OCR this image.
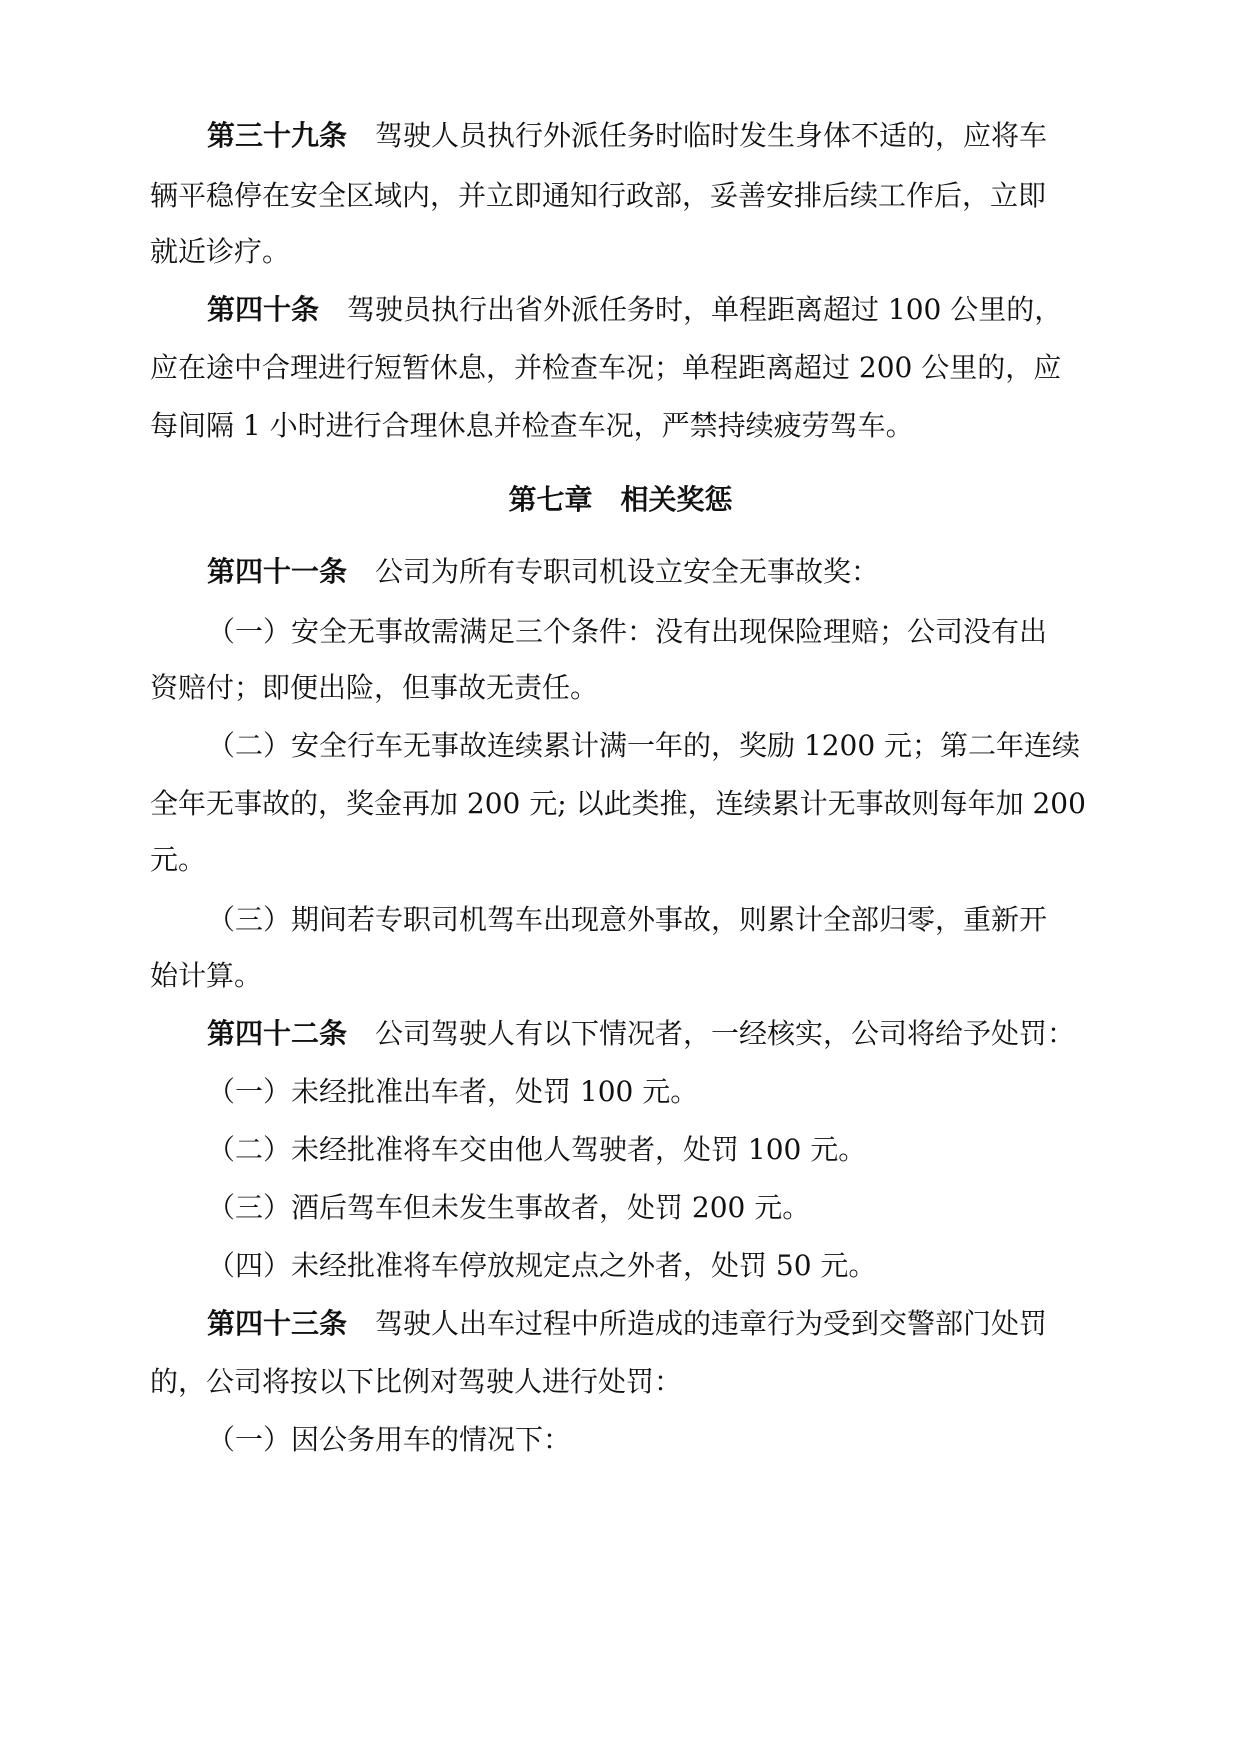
第三十九条 驾驶人员执行外派任务时临时发生身体不适的，应将车
辆平稳停在安全区域内，并立即通知行政部，妥善安排后续工作后，立即
就近诊疗。
第四十条 驾驶员执行出省外派任务时，单程距离超过 100 公里的，
应在途中合理进行短暂休息，并检查车况；单程距离超过 200 公里的，应
每间隔 1 小时进行合理休息并检查车况，严禁持续疲劳驾车。
第七章　相关奖惩
第四十一条 公司为所有专职司机设立安全无事故奖：
（一）安全无事故需满足三个条件：没有出现保险理赔；公司没有出
资赔付；即便出险，但事故无责任。
（二）安全行车无事故连续累计满一年的，奖励 1200 元；第二年连续
全年无事故的，奖金再加 200 元; 以此类推，连续累计无事故则每年加 200
元。
（三）期间若专职司机驾车出现意外事故，则累计全部归零，重新开
始计算。
第四十二条 公司驾驶人有以下情况者，一经核实，公司将给予处罚：
（一）未经批准出车者，处罚 100 元。
（二）未经批准将车交由他人驾驶者，处罚 100 元。
（三）酒后驾车但未发生事故者，处罚 200 元。
（四）未经批准将车停放规定点之外者，处罚 50 元。
第四十三条 驾驶人出车过程中所造成的违章行为受到交警部门处罚
的，公司将按以下比例对驾驶人进行处罚：
（一）因公务用车的情况下：
